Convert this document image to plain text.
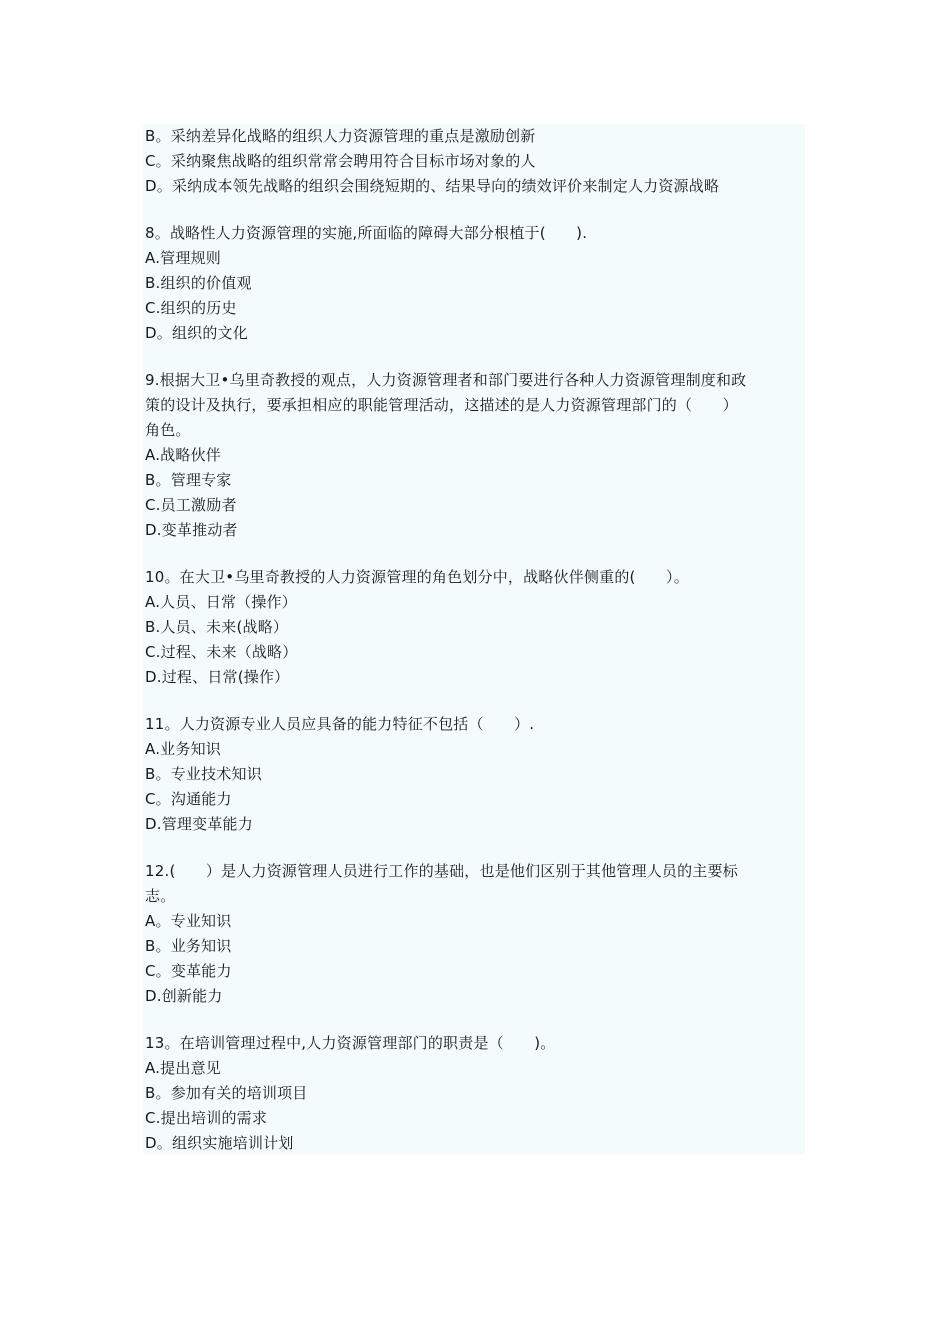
B。采纳差异化战略的组织人力资源管理的重点是激励创新
C。采纳聚焦战略的组织常常会聘用符合目标市场对象的人
D。采纳成本领先战略的组织会围绕短期的、结果导向的绩效评价来制定人力资源战略
8。战略性人力资源管理的实施,所面临的障碍大部分根植于(　　).
A.管理规则
B.组织的价值观
C.组织的历史
D。组织的文化
9.根据大卫•乌里奇教授的观点，人力资源管理者和部门要进行各种人力资源管理制度和政
策的设计及执行，要承担相应的职能管理活动，这描述的是人力资源管理部门的（　　）
角色。
A.战略伙伴
B。管理专家
C.员工激励者
D.变革推动者
10。在大卫•乌里奇教授的人力资源管理的角色划分中，战略伙伴侧重的(　　）。
A.人员、日常（操作）
B.人员、未来(战略）
C.过程、未来（战略）
D.过程、日常(操作）
11。人力资源专业人员应具备的能力特征不包括（　　）.
A.业务知识
B。专业技术知识
C。沟通能力
D.管理变革能力
12.(　　）是人力资源管理人员进行工作的基础，也是他们区别于其他管理人员的主要标
志。
A。专业知识
B。业务知识
C。变革能力
D.创新能力
13。在培训管理过程中,人力资源管理部门的职责是（　　)。
A.提出意见
B。参加有关的培训项目
C.提出培训的需求
D。组织实施培训计划
